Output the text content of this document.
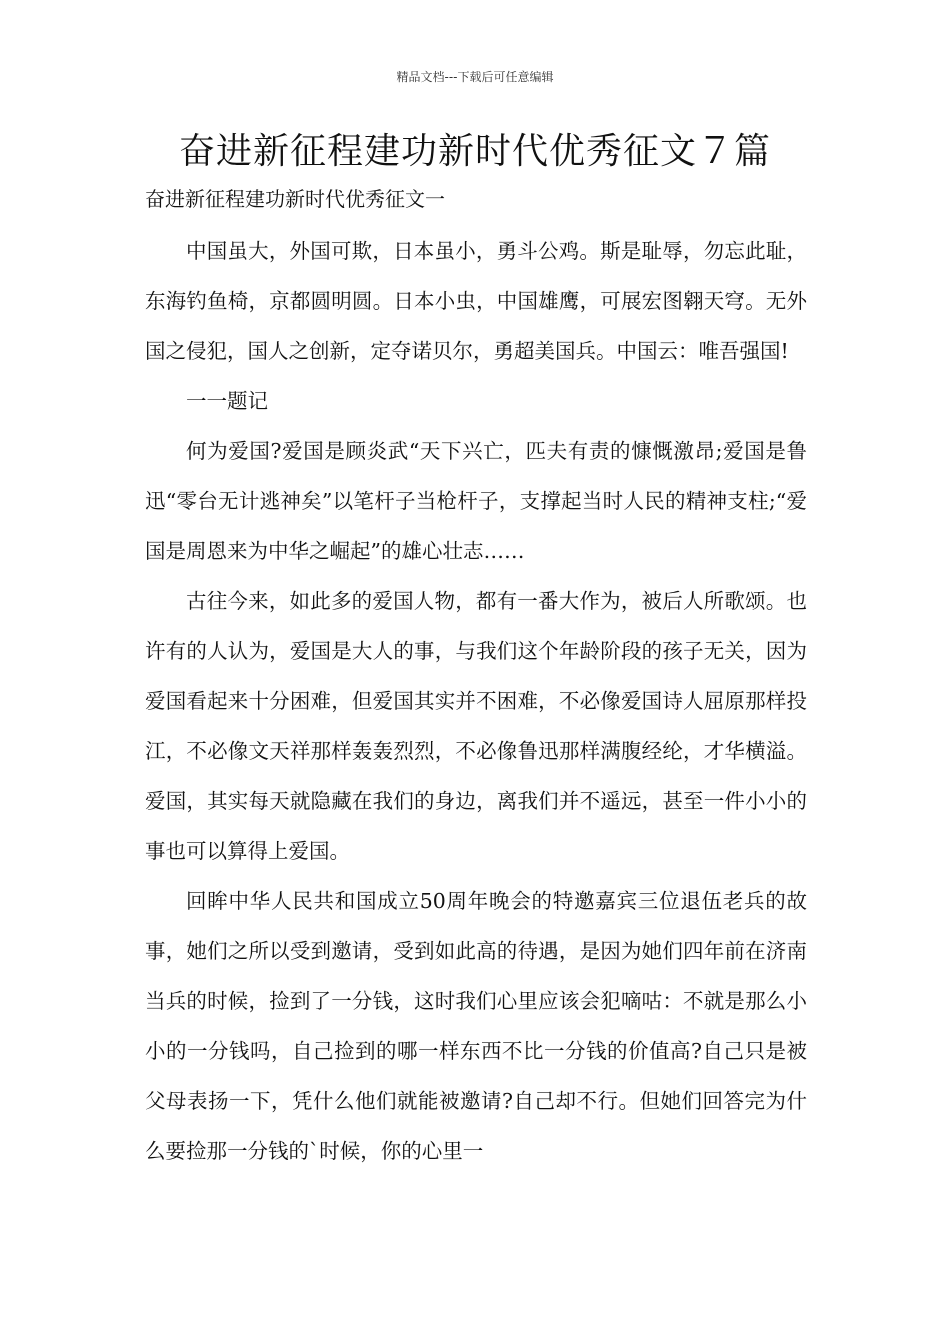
精品文档---下载后可任意编辑
奋进新征程建功新时代优秀征文７篇
奋进新征程建功新时代优秀征文一

中国虽大，外国可欺，日本虽小，勇斗公鸡。斯是耻辱，勿忘此耻，东海钓鱼椅，京都圆明圆。日本小虫，中国雄鹰，可展宏图翱天穹。无外国之侵犯，国人之创新，定夺诺贝尔，勇超美国兵。中国云：唯吾强国!

一一题记

何为爱国?爱国是顾炎武“天下兴亡，匹夫有责的慷慨激昂;爱国是鲁迅“零台无计逃神矣”以笔杆子当枪杆子，支撑起当时人民的精神支柱;“爱国是周恩来为中华之崛起”的雄心壮志……

古往今来，如此多的爱国人物，都有一番大作为，被后人所歌颂。也许有的人认为，爱国是大人的事，与我们这个年龄阶段的孩子无关，因为爱国看起来十分困难，但爱国其实并不困难，不必像爱国诗人屈原那样投江，不必像文天祥那样轰轰烈烈，不必像鲁迅那样满腹经纶，才华横溢。爱国，其实每天就隐藏在我们的身边，离我们并不遥远，甚至一件小小的事也可以算得上爱国。

回眸中华人民共和国成立50周年晚会的特邀嘉宾三位退伍老兵的故事，她们之所以受到邀请，受到如此高的待遇，是因为她们四年前在济南当兵的时候，捡到了一分钱，这时我们心里应该会犯嘀咕：不就是那么小小的一分钱吗，自己捡到的哪一样东西不比一分钱的价值高?自己只是被父母表扬一下，凭什么他们就能被邀请?自己却不行。但她们回答完为什么要捡那一分钱的`时候，你的心里一
